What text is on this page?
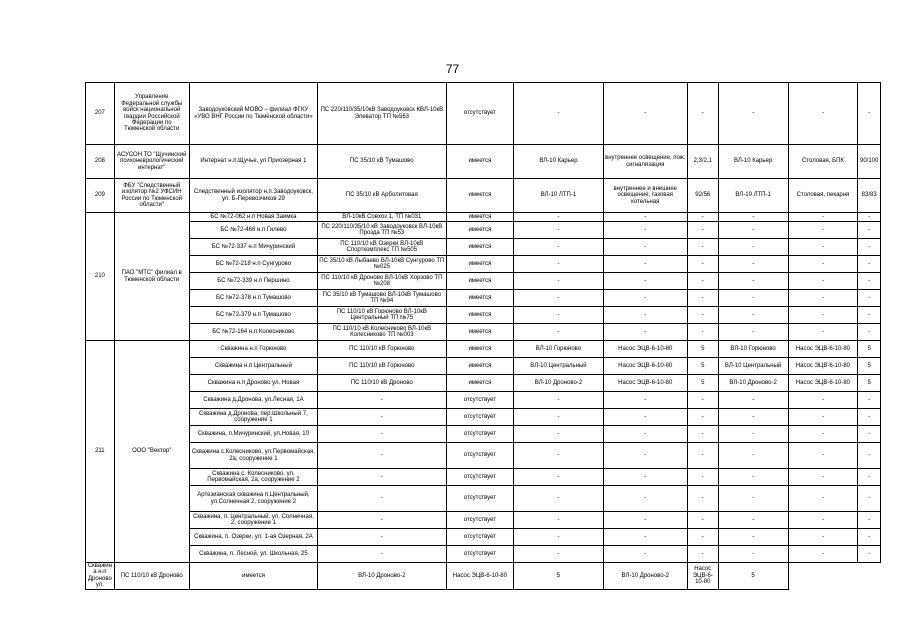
77
207	Управление Федеральной службы войск национальной гвардии Российской Федерации по Тюменской области	Заводоуковский МОВО – филиал ФГКУ «УВО ВНГ России по Тюменской области»	ПС 220/110/35/10кВ Заводоуковск КВЛ-10кВ Элеватор ТП №563	отсутствует	-	-	-	-	-	-
208	АСУСОН ТО "Щучинский психоневрологический интернат"	Интернат н.п.Щучье, ул Приозерная 1	ПС 35/10 кВ Тумашово	имеется	ВЛ-10 Карьер	внутреннее освещение, пож. сигнализация	2,3/2,1	ВЛ-10 Карьер	Столовая, БПК	90/100
209	ФБУ "Следственный изолятор №2 УФСИН России по Тюменской области"	Следственный изолятор н.п.Заводоуковск, ул. Б-Перевозчиков 29	ПС 35/10 кВ Арболитовая	имеется	ВЛ-10 ЛТП-1	внутреннее и внешнее освещение, газовая котельная	92/56	ВЛ-10 ЛТП-1	Столовая, пекарня	83/83
210	ПАО "МТС" филиал в Тюменской области	БС №72-062 н.п Новая Заимка	ВЛ-10кВ Совхоз 1, ТП №031	имеется	-	-	-	-	-	-
		БС №72-468 н.п Гилево	ПС 220/110/35/10 кВ Заводоуковск ВЛ-10кВ Прозда ТП №53	имеется	-	-	-	-	-	-
		БС №72-337 н.п Мичуринский	ПС 110/10 кВ Озерки ВЛ-10кВ Спорткомплекс ТП №505	имеется	-	-	-	-	-	-
		БС №72-218 н.п Сунгурово	ПС 35/10 кВ Лыбаево ВЛ-10кВ Сунгурово ТП №025	имеется	-	-	-	-	-	-
		БС №72-339 н.п Першино	ПС 110/10 кВ Дроново ВЛ-10кВ Хорзово ТП №208	имеется	-	-	-	-	-	-
		БС №72-378 н.п Тумашово	ПС 35/10 кВ Тумашово ВЛ-10кВ Тумашово ТП №94	имеется	-	-	-	-	-	-
		БС №72-379 н.п Тумашово	ПС 110/10 кВ Горюново ВЛ-10кВ Центральный ТП №75	имеется	-	-	-	-	-	-
		БС №72-164 н.п Колесниково	ПС 110/10 кВ Колесниково ВЛ-10кВ Колесниково ТП №003	имеется	-	-	-	-	-	-
211	ООО "Вектор"	Скважина н.п Горюново	ПС 110/10 кВ Горюново	имеется	ВЛ-10 Горюново	Насос ЭЦВ-6-10-80	5	ВЛ-10 Горюново	Насос ЭЦВ-6-10-80	5
		Скважина н.п Центральный	ПС 110/10 кВ Горюново	имеется	ВЛ-10 Центральный	Насос ЭЦВ-6-10-80	5	ВЛ-10 Центральный	Насос ЭЦВ-6-10-80	5
		Скважина н.п Дроново ул. Новая	ПС 110/10 кВ Дроново	имеется	ВЛ-10 Дроново-2	Насос ЭЦВ-6-10-80	5	ВЛ-10 Дроново-2	Насос ЭЦВ-6-10-80	5
		Скважина д.Дронова, ул.Лесная, 1А	-	отсутствует	-	-	-	-	-	-
		Скважина д.Дронова, пер.Школьный 7, сооружение 1	-	отсутствует	-	-	-	-	-	-
		Скважина, п.Мичуринский, ул.Новая, 10	-	отсутствует	-	-	-	-	-	-
		Скважина с.Колесниково, ул.Первомайская, 2а, сооружение 1	-	отсутствует	-	-	-	-	-	-
		Скважина с. Колесниково, ул. Первомайская, 2а, сооружение 2	-	отсутствует	-	-	-	-	-	-
		Артезианская скважина п.Центральный, ул.Солнечная 2, сооружение 2	-	отсутствует	-	-	-	-	-	-
		Скважина, п. Центральный, ул. Солнечная, 2, сооружение 1	-	отсутствует	-	-	-	-	-	-
		Скважина, п. Озерки, ул. 1-ая Озерная, 2А	-	отсутствует	-	-	-	-	-	-
		Скважина, п. Лесной, ул. Школьная, 25	-	отсутствует	-	-	-	-	-	-
Скважина н.п Дроново ул.	ПС 110/10 кВ Дроново	имеется	ВЛ-10 Дроново-2	Насос ЭЦВ-6-10-80	5	ВЛ-10 Дроново-2	Насос ЭЦВ-6-10-80	5		
